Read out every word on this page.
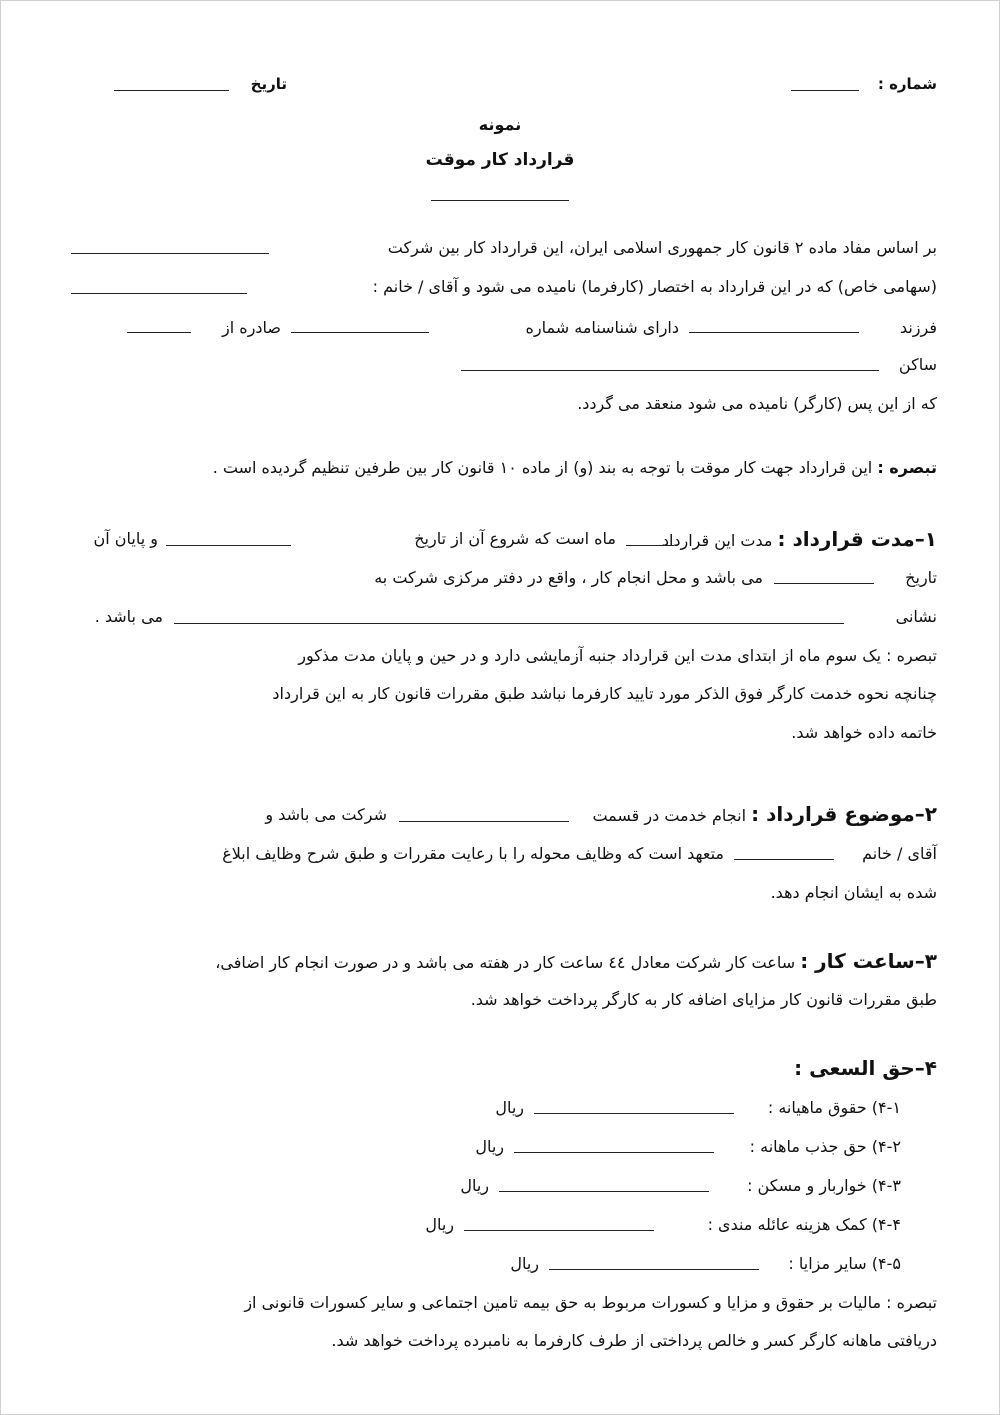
شماره :
تاریخ
نمونه
قرارداد کار موقت
بر اساس مفاد ماده ۲ قانون کار جمهوری اسلامی ایران، این قرارداد کار بین شرکت
(سهامی خاص) که در این قرارداد به اختصار (کارفرما) نامیده می شود و آقای / خانم :
فرزند
دارای شناسنامه شماره
صادره از
ساکن
که از این پس (کارگر) نامیده می شود منعقد می گردد.
تبصره : این قرارداد جهت کار موقت با توجه به بند (و) از ماده ۱۰ قانون کار بین طرفین تنظیم گردیده است .
۱–مدت قرارداد : مدت این قرارداد
ماه است که شروع آن از تاریخ
و پایان آن
تاریخ
می باشد و محل انجام کار ، واقع در دفتر مرکزی شرکت به
نشانی
می باشد .
تبصره : یک سوم ماه از ابتدای مدت این قرارداد جنبه آزمایشی دارد و در حین و پایان مدت مذکور
چنانچه نحوه خدمت کارگر فوق الذکر مورد تایید کارفرما نباشد طبق مقررات قانون کار به این قرارداد
خاتمه داده خواهد شد.
۲–موضوع قرارداد : انجام خدمت در قسمت
شرکت می باشد و
آقای / خانم
متعهد است که وظایف محوله را با رعایت مقررات و طبق شرح وظایف ابلاغ
شده به ایشان انجام دهد.
۳–ساعت کار : ساعت کار شرکت معادل ٤٤ ساعت کار در هفته می باشد و در صورت انجام کار اضافی،
طبق مقررات قانون کار مزایای اضافه کار به کارگر پرداخت خواهد شد.
۴–حق السعی :
۴-۱) حقوق ماهیانه :
ریال
۴-۲) حق جذب ماهانه :
ریال
۴-۳) خواربار و مسکن :
ریال
۴-۴) کمک هزینه عائله مندی :
ریال
۴-۵) سایر مزایا :
ریال
تبصره : مالیات بر حقوق و مزایا و کسورات مربوط به حق بیمه تامین اجتماعی و سایر کسورات قانونی از
دریافتی ماهانه کارگر کسر و خالص پرداختی از طرف کارفرما به نامبرده پرداخت خواهد شد.
